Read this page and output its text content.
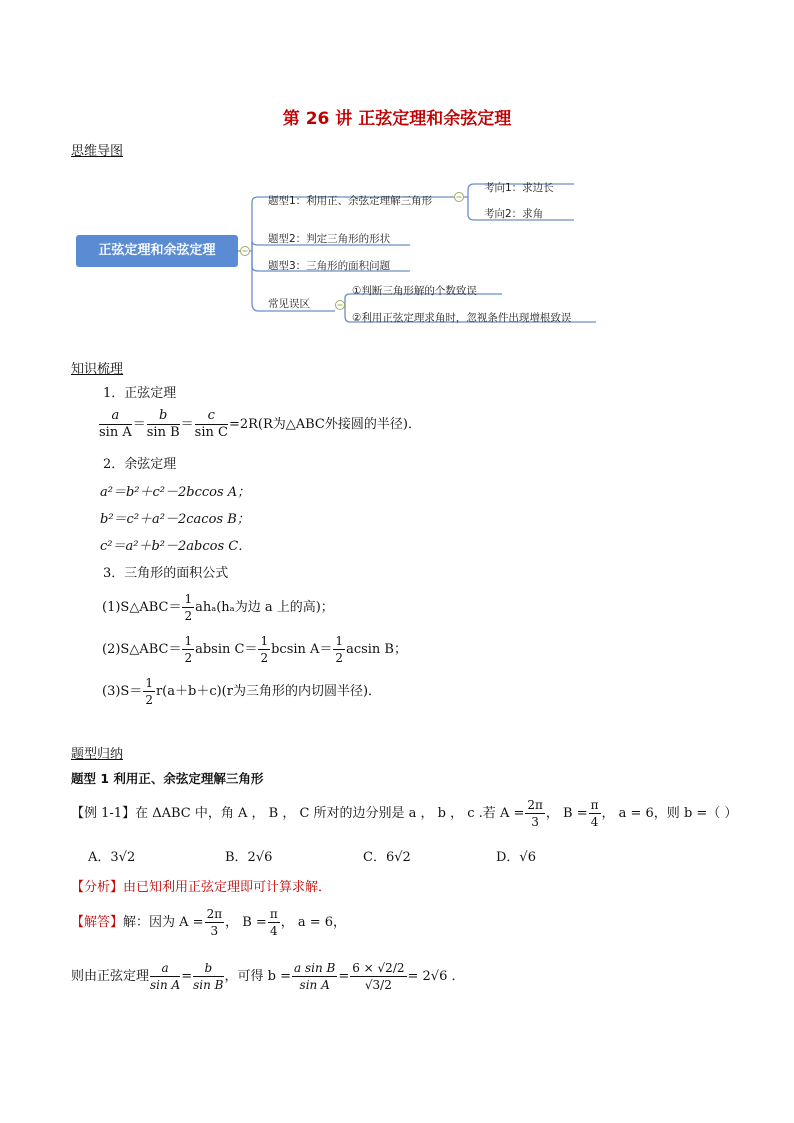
第 26 讲 正弦定理和余弦定理
思维导图
正弦定理和余弦定理
题型1：利用正、余弦定理解三角形
考向1：求边长
考向2：求角
题型2：判定三角形的形状
题型3：三角形的面积问题
常见误区
①判断三角形解的个数致误
②利用正弦定理求角时，忽视条件出现增根致误
知识梳理
1．正弦定理
$\frac{a}{\text{sin A}} = \frac{b}{\text{sin B}} = \frac{c}{\text{sin C}} =2R(R$为△ABC外接圆的半径)．
2．余弦定理
a²＝b²＋c²－2bccos A；
b²＝c²＋a²－2cacos B；
c²＝a²＋b²－2abcos C．
3．三角形的面积公式
(1)S△ABC＝ $\frac{1}{2} ah_a(h_a$为边 a 上的高)；
(2)S△ABC＝ $\frac{1}{2}$ absin $C= \frac{1}{2}$ bcsin $A= \frac{1}{2}$ acsin B；
$(3)S= \frac{1}{2} r(a+b+c)(r$为三角形的内切圆半径)．
题型归纳
题型 1 利用正、余弦定理解三角形
【例 1-1】在 ΔABC 中，角 A ， B ， C 所对的边分别是 a ， b ， c .若 $A = \frac{2\pi}{3}$ ， $B = \frac{\pi}{4}$ ， a = 6，则 b =（ ）
A．3√2	B．2√6	C．6√2	D．√6
【分析】由已知利用正弦定理即可计算求解．
【解答】解：因为 $A = \frac{2\pi}{3}$ ， $B = \frac{\pi}{4}$ ， a = 6，
则由正弦定理 $\frac{a}{\text{sin A}} = \frac{b}{\text{sin B}}$ ，可得 $b = \frac{\text{a sin B}}{\text{sin A}} = \frac{6 \times √2/2}{√3/2} = 2√6$ ．
